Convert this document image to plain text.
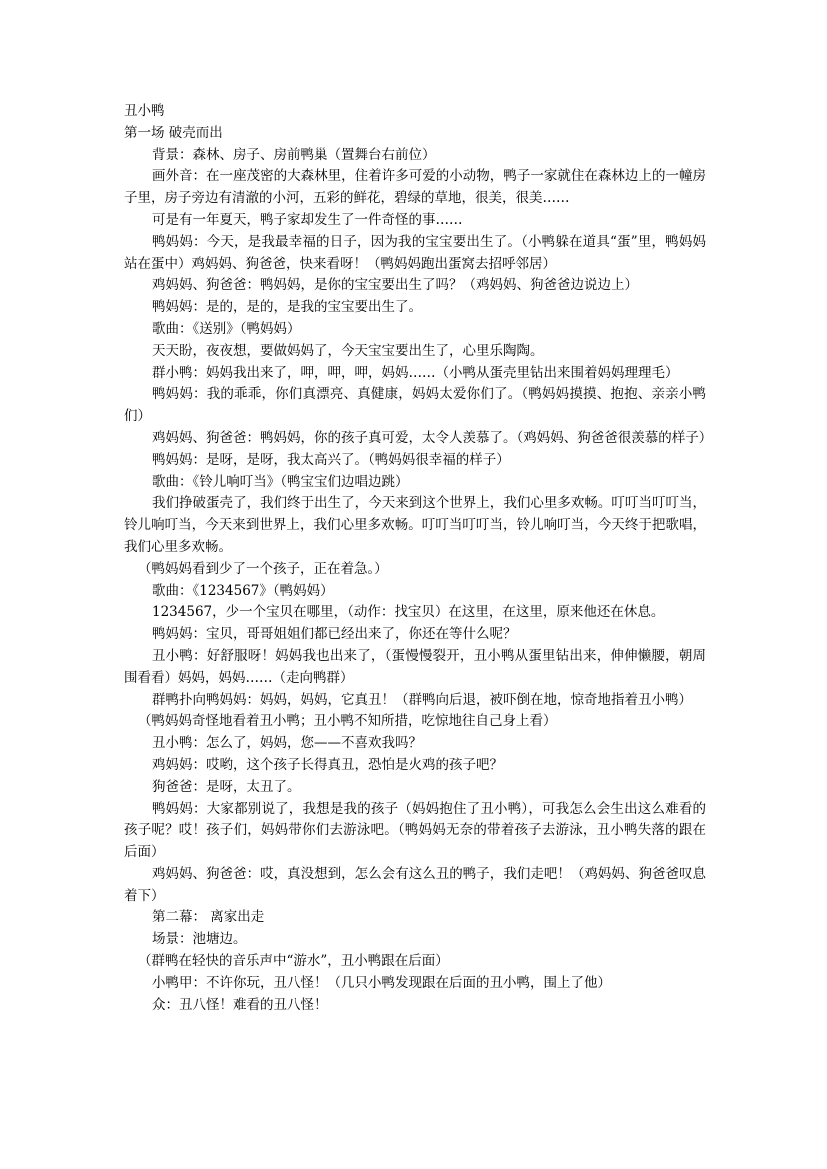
丑小鸭

第一场 破壳而出

背景：森林、房子、房前鸭巢（置舞台右前位）

画外音：在一座茂密的大森林里，住着许多可爱的小动物，鸭子一家就住在森林边上的一幢房子里，房子旁边有清澈的小河，五彩的鲜花，碧绿的草地，很美，很美……

可是有一年夏天，鸭子家却发生了一件奇怪的事……

鸭妈妈：今天，是我最幸福的日子，因为我的宝宝要出生了。（小鸭躲在道具“蛋”里，鸭妈妈站在蛋中）鸡妈妈、狗爸爸，快来看呀！（鸭妈妈跑出蛋窝去招呼邻居）

鸡妈妈、狗爸爸：鸭妈妈，是你的宝宝要出生了吗？（鸡妈妈、狗爸爸边说边上）

鸭妈妈：是的，是的，是我的宝宝要出生了。

歌曲：《送别》（鸭妈妈）

天天盼，夜夜想，要做妈妈了，今天宝宝要出生了，心里乐陶陶。

群小鸭：妈妈我出来了，呷，呷，呷，妈妈……（小鸭从蛋壳里钻出来围着妈妈理理毛）

鸭妈妈：我的乖乖，你们真漂亮、真健康，妈妈太爱你们了。（鸭妈妈摸摸、抱抱、亲亲小鸭们）

鸡妈妈、狗爸爸：鸭妈妈，你的孩子真可爱，太令人羡慕了。（鸡妈妈、狗爸爸很羡慕的样子）

鸭妈妈：是呀，是呀，我太高兴了。（鸭妈妈很幸福的样子）

歌曲：《铃儿响叮当》（鸭宝宝们边唱边跳）

我们挣破蛋壳了，我们终于出生了，今天来到这个世界上，我们心里多欢畅。叮叮当叮叮当，铃儿响叮当，今天来到世界上，我们心里多欢畅。叮叮当叮叮当，铃儿响叮当，今天终于把歌唱，我们心里多欢畅。

（鸭妈妈看到少了一个孩子，正在着急。）

歌曲：《1234567》（鸭妈妈）

1234567，少一个宝贝在哪里，（动作：找宝贝）在这里，在这里，原来他还在休息。

鸭妈妈：宝贝，哥哥姐姐们都已经出来了，你还在等什么呢？

丑小鸭：好舒服呀！妈妈我也出来了，（蛋慢慢裂开，丑小鸭从蛋里钻出来，伸伸懒腰，朝周围看看）妈妈，妈妈……（走向鸭群）

群鸭扑向鸭妈妈：妈妈，妈妈，它真丑！（群鸭向后退，被吓倒在地，惊奇地指着丑小鸭）

（鸭妈妈奇怪地看着丑小鸭；丑小鸭不知所措，吃惊地往自己身上看）

丑小鸭：怎么了，妈妈，您——不喜欢我吗？

鸡妈妈：哎哟，这个孩子长得真丑，恐怕是火鸡的孩子吧？

狗爸爸：是呀，太丑了。

鸭妈妈：大家都别说了，我想是我的孩子（妈妈抱住了丑小鸭），可我怎么会生出这么难看的孩子呢？哎！孩子们，妈妈带你们去游泳吧。（鸭妈妈无奈的带着孩子去游泳，丑小鸭失落的跟在后面）

鸡妈妈、狗爸爸：哎，真没想到，怎么会有这么丑的鸭子，我们走吧！（鸡妈妈、狗爸爸叹息着下）

第二幕： 离家出走

场景：池塘边。

（群鸭在轻快的音乐声中“游水”，丑小鸭跟在后面）

小鸭甲：不许你玩，丑八怪！（几只小鸭发现跟在后面的丑小鸭，围上了他）

众：丑八怪！难看的丑八怪！
